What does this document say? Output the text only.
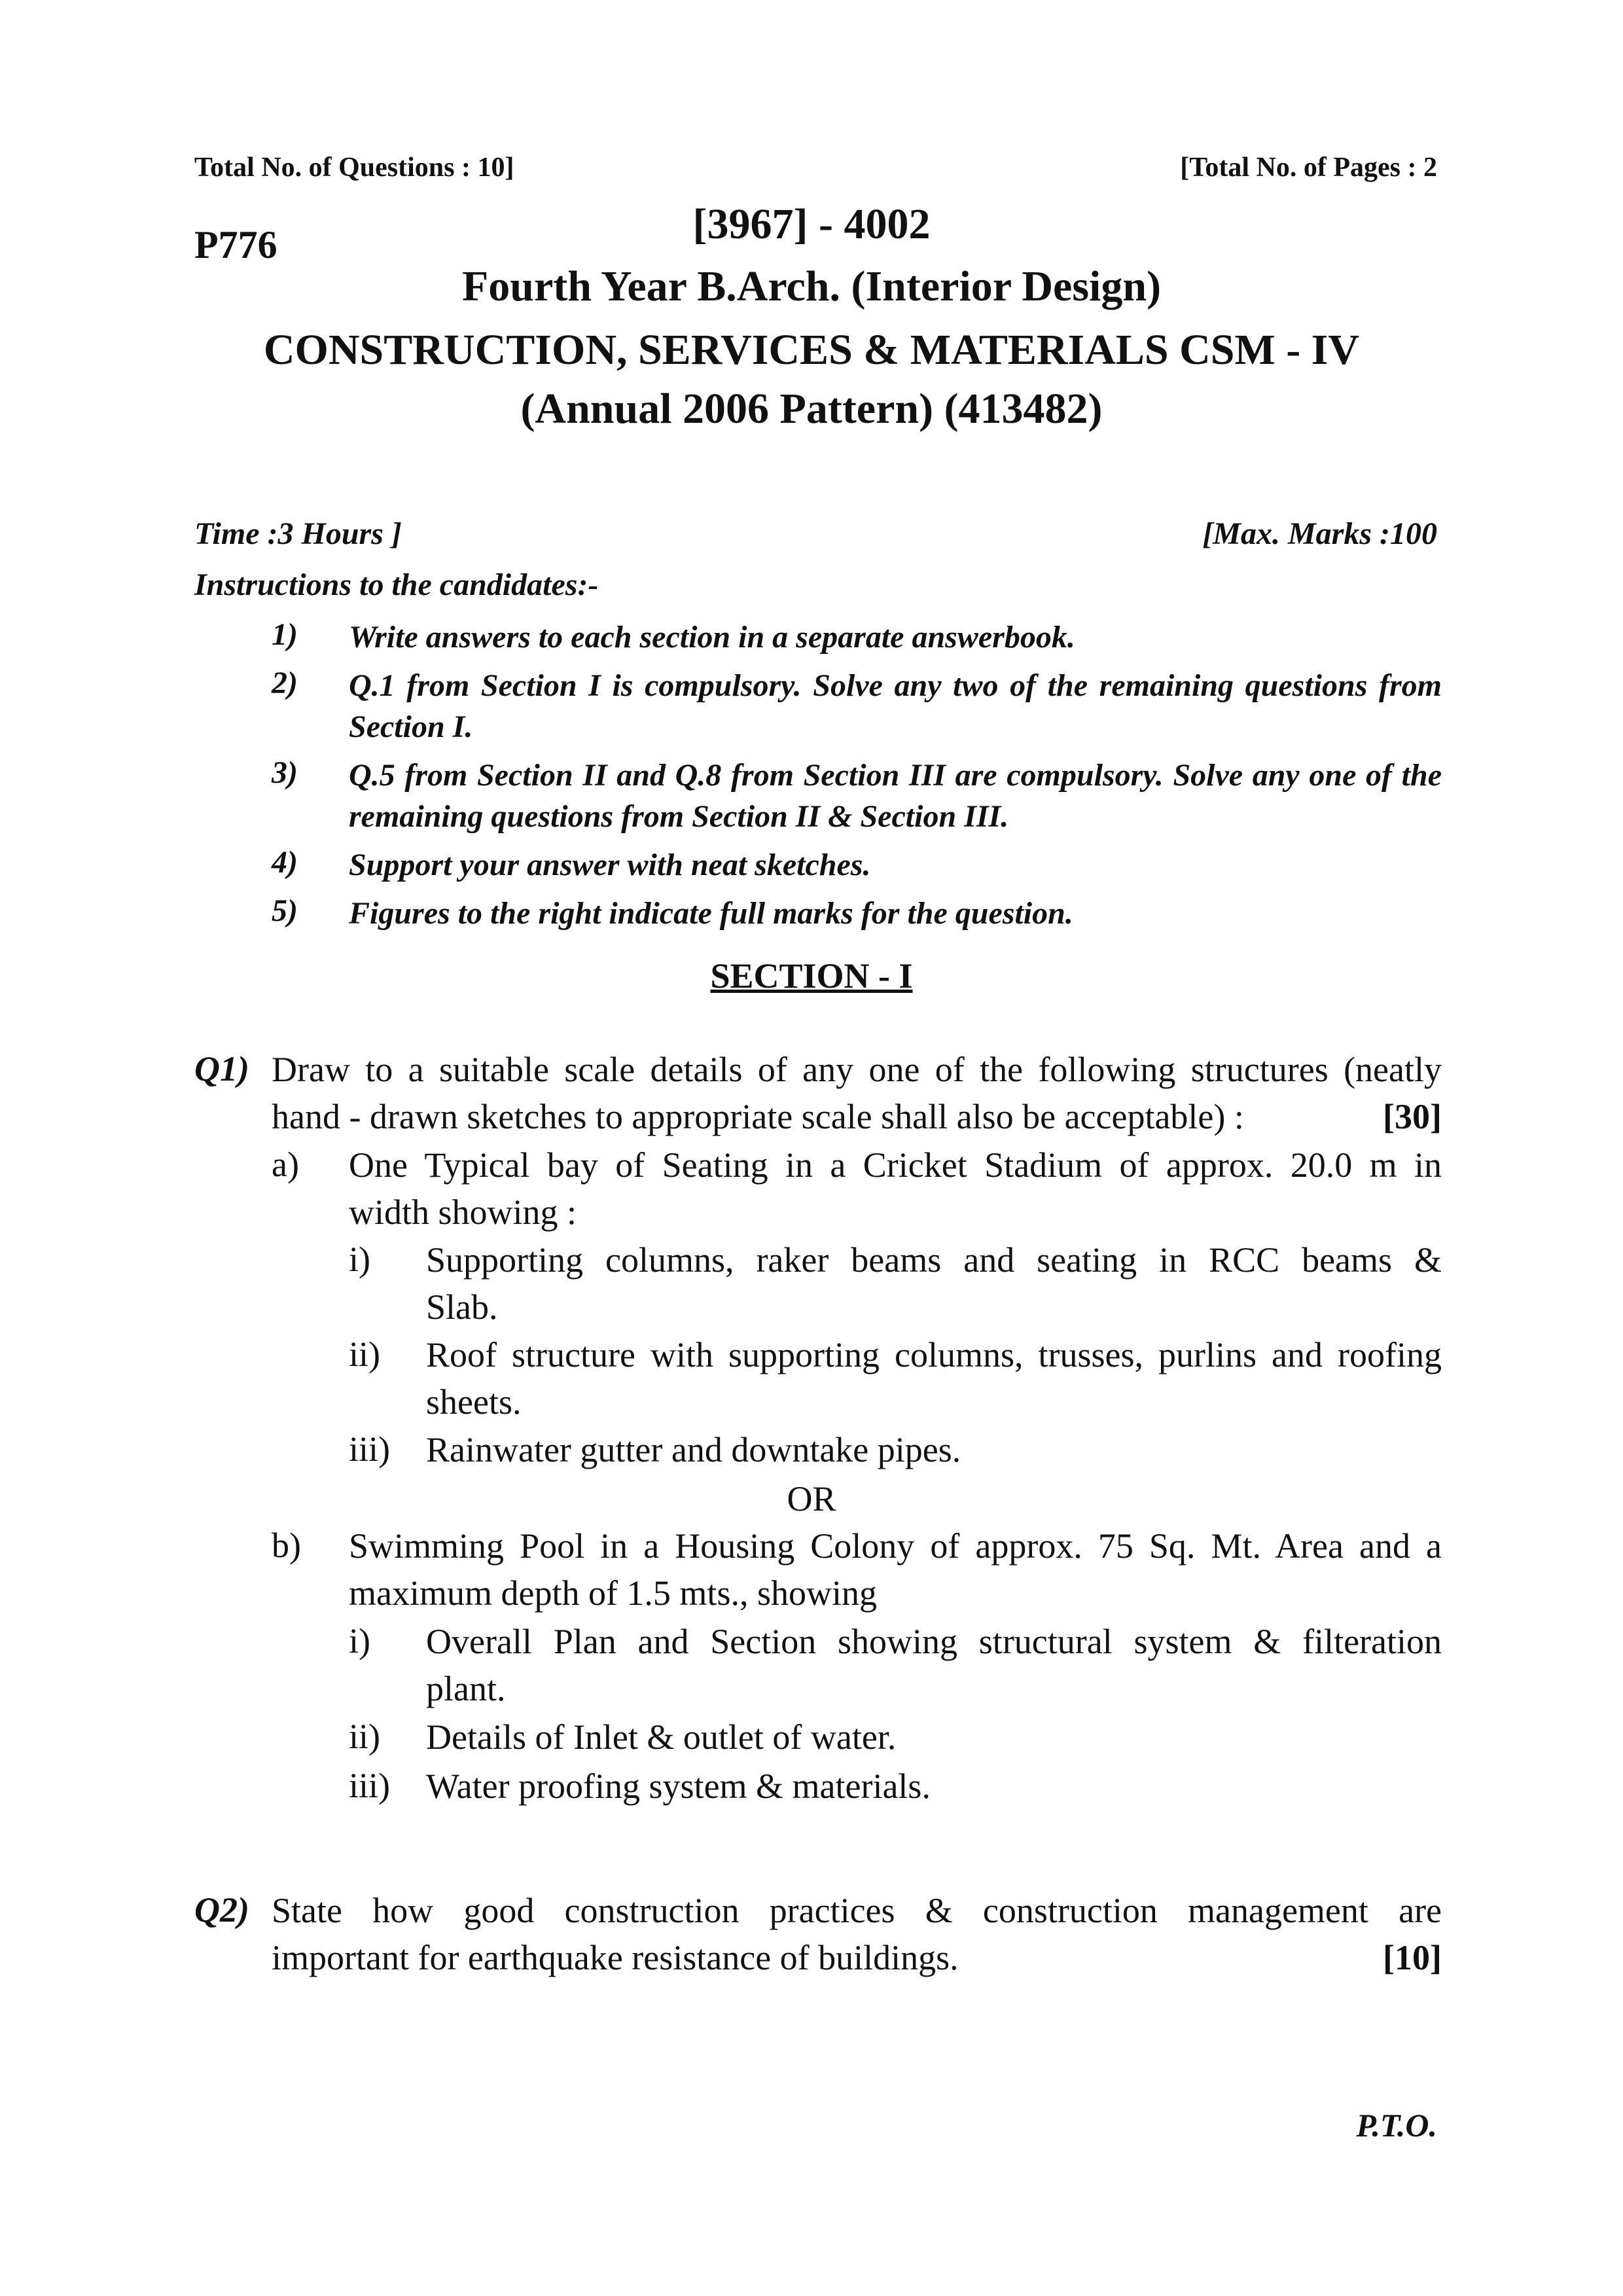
Total No. of Questions : 10]	[Total No. of Pages : 2
P776	[3967] - 4002
Fourth Year B.Arch. (Interior Design)
CONSTRUCTION, SERVICES & MATERIALS CSM - IV
(Annual 2006 Pattern) (413482)
Time :3 Hours ]	[Max. Marks :100
Instructions to the candidates:-
1) Write answers to each section in a separate answerbook.
2) Q.1 from Section I is compulsory. Solve any two of the remaining questions from Section I.
3) Q.5 from Section II and Q.8 from Section III are compulsory. Solve any one of the remaining questions from Section II & Section III.
4) Support your answer with neat sketches.
5) Figures to the right indicate full marks for the question.
SECTION - I
Q1) Draw to a suitable scale details of any one of the following structures (neatly
hand - drawn sketches to appropriate scale shall also be acceptable) :	[30]
a) One Typical bay of Seating in a Cricket Stadium of approx. 20.0 m in
width showing :
i) Supporting columns, raker beams and seating in RCC beams &
Slab.
ii) Roof structure with supporting columns, trusses, purlins and roofing
sheets.
iii) Rainwater gutter and downtake pipes.
OR
b) Swimming Pool in a Housing Colony of approx. 75 Sq. Mt. Area and a
maximum depth of 1.5 mts., showing
i) Overall Plan and Section showing structural system & filteration
plant.
ii) Details of Inlet & outlet of water.
iii) Water proofing system & materials.
Q2) State how good construction practices & construction management are
important for earthquake resistance of buildings.	[10]
P.T.O.
